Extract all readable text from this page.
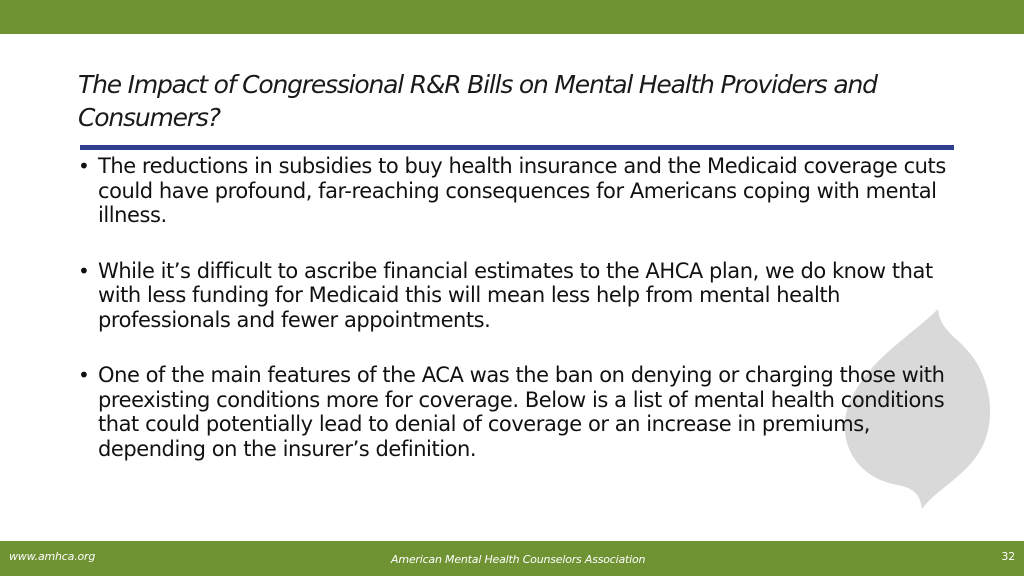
The Impact of Congressional R&R Bills on Mental Health Providers and Consumers?
• The reductions in subsidies to buy health insurance and the Medicaid coverage cuts could have profound, far-reaching consequences for Americans coping with mental illness.
• While it’s difficult to ascribe financial estimates to the AHCA plan, we do know that with less funding for Medicaid this will mean less help from mental health professionals and fewer appointments.
• One of the main features of the ACA was the ban on denying or charging those with preexisting conditions more for coverage. Below is a list of mental health conditions that could potentially lead to denial of coverage or an increase in premiums, depending on the insurer’s definition.
www.amhca.org	American Mental Health Counselors Association	32
